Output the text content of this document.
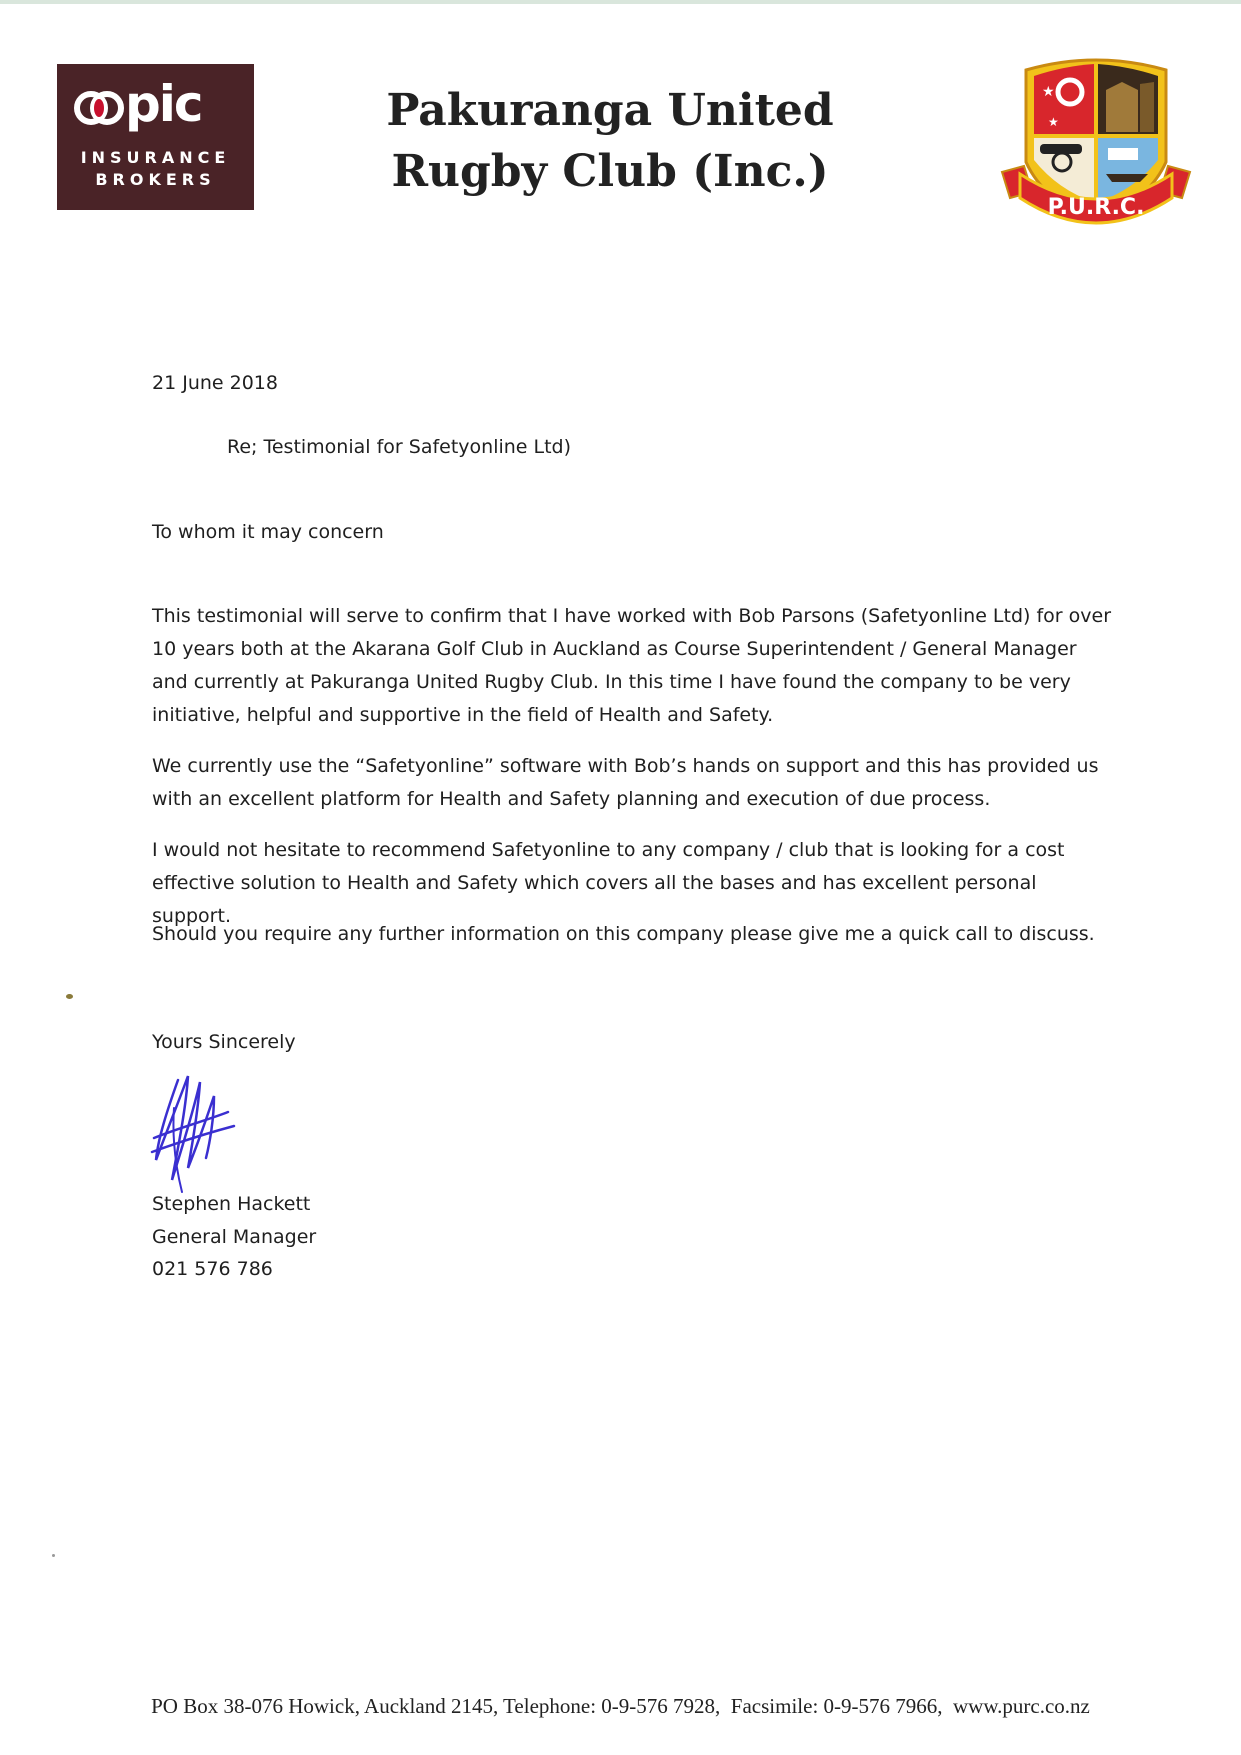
pic
INSURANCE
BROKERS
Pakuranga United
Rugby Club (Inc.)
★
★
P.U.R.C.
21 June 2018
Re; Testimonial for Safetyonline Ltd)
To whom it may concern
This testimonial will serve to confirm that I have worked with Bob Parsons (Safetyonline Ltd) for over 10 years both at the Akarana Golf Club in Auckland as Course Superintendent / General Manager and currently at Pakuranga United Rugby Club. In this time I have found the company to be very initiative, helpful and supportive in the field of Health and Safety.
We currently use the “Safetyonline” software with Bob’s hands on support and this has provided us with an excellent platform for Health and Safety planning and execution of due process.
I would not hesitate to recommend Safetyonline to any company / club that is looking for a cost effective solution to Health and Safety which covers all the bases and has excellent personal support.
Should you require any further information on this company please give me a quick call to discuss.
Yours Sincerely
Stephen Hackett
General Manager
021 576 786
PO Box 38-076 Howick, Auckland 2145, Telephone: 0-9-576 7928,  Facsimile: 0-9-576 7966,  www.purc.co.nz
